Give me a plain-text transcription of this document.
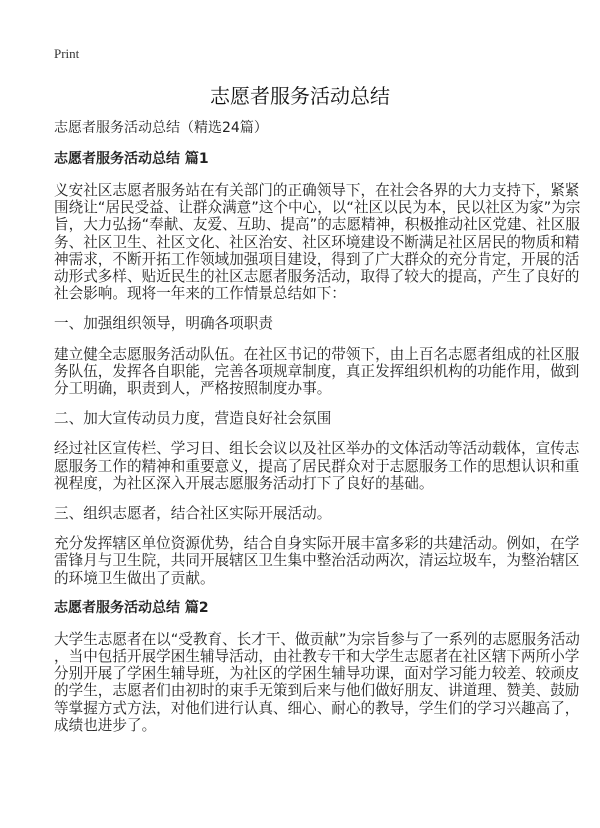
Print
志愿者服务活动总结
志愿者服务活动总结（精选24篇）
志愿者服务活动总结 篇1
义安社区志愿者服务站在有关部门的正确领导下，在社会各界的大力支持下，紧紧
围绕让“居民受益、让群众满意”这个中心，以“社区以民为本，民以社区为家”为宗
旨，大力弘扬“奉献、友爱、互助、提高”的志愿精神，积极推动社区党建、社区服
务、社区卫生、社区文化、社区治安、社区环境建设不断满足社区居民的物质和精
神需求，不断开拓工作领域加强项目建设，得到了广大群众的充分肯定，开展的活
动形式多样、贴近民生的社区志愿者服务活动，取得了较大的提高，产生了良好的
社会影响。现将一年来的工作情景总结如下：
一、加强组织领导，明确各项职责
建立健全志愿服务活动队伍。在社区书记的带领下，由上百名志愿者组成的社区服
务队伍，发挥各自职能，完善各项规章制度，真正发挥组织机构的功能作用，做到
分工明确，职责到人，严格按照制度办事。
二、加大宣传动员力度，营造良好社会氛围
经过社区宣传栏、学习日、组长会议以及社区举办的文体活动等活动载体，宣传志
愿服务工作的精神和重要意义，提高了居民群众对于志愿服务工作的思想认识和重
视程度，为社区深入开展志愿服务活动打下了良好的基础。
三、组织志愿者，结合社区实际开展活动。
充分发挥辖区单位资源优势，结合自身实际开展丰富多彩的共建活动。例如，在学
雷锋月与卫生院，共同开展辖区卫生集中整治活动两次，清运垃圾车，为整治辖区
的环境卫生做出了贡献。
志愿者服务活动总结 篇2
大学生志愿者在以“受教育、长才干、做贡献”为宗旨参与了一系列的志愿服务活动
，当中包括开展学困生辅导活动，由社教专干和大学生志愿者在社区辖下两所小学
分别开展了学困生辅导班，为社区的学困生辅导功课，面对学习能力较差、较顽皮
的学生，志愿者们由初时的束手无策到后来与他们做好朋友、讲道理、赞美、鼓励
等掌握方式方法，对他们进行认真、细心、耐心的教导，学生们的学习兴趣高了，
成绩也进步了。
